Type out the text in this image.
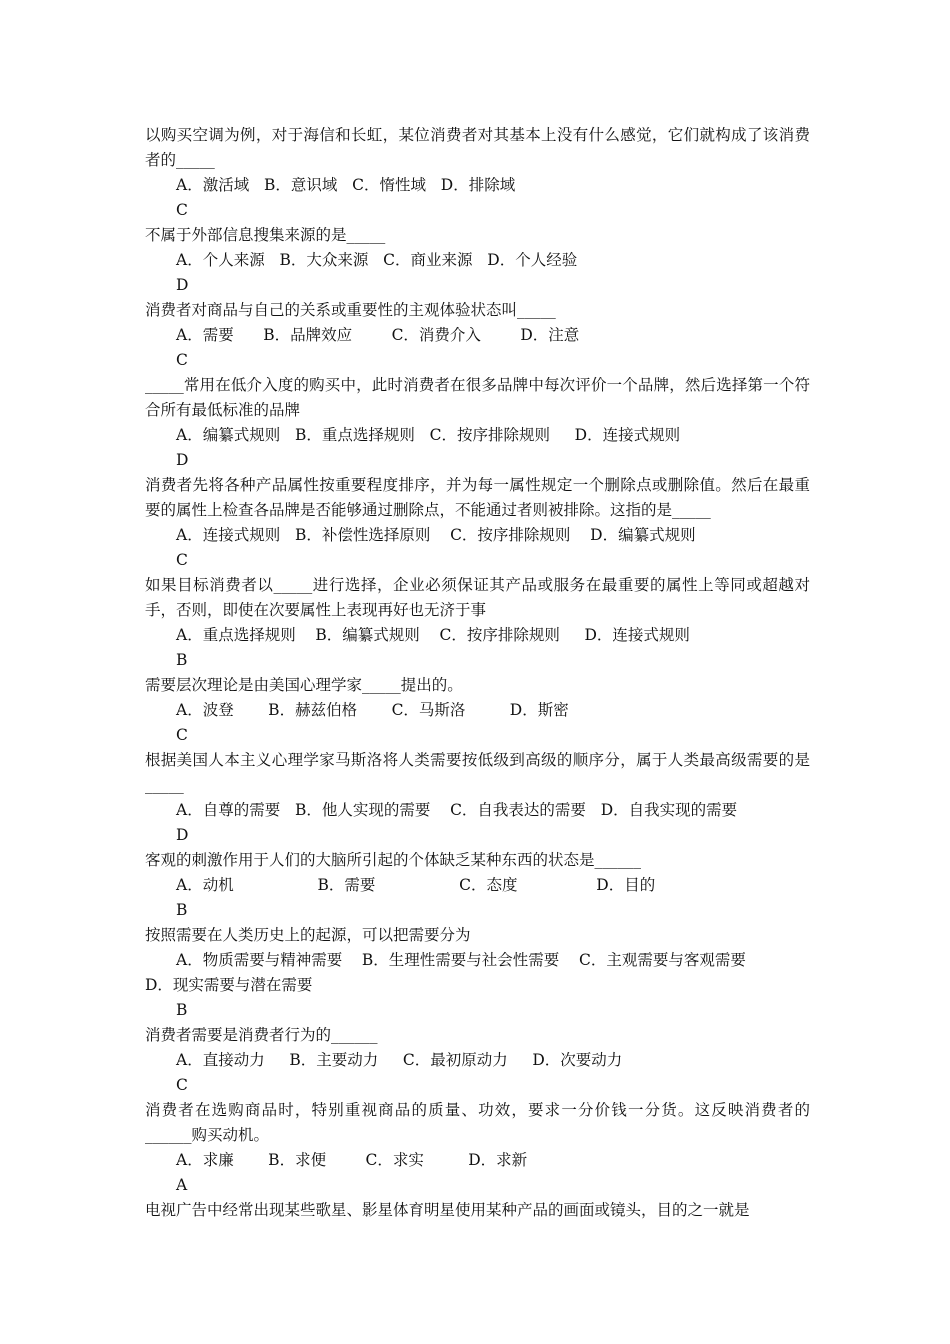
以购买空调为例，对于海信和长虹，某位消费者对其基本上没有什么感觉，它们就构成了该消费者的_____

A．激活域   B．意识域   C．惰性域   D．排除域

C

不属于外部信息搜集来源的是_____

A．个人来源   B．大众来源   C．商业来源   D．个人经验

D

消费者对商品与自己的关系或重要性的主观体验状态叫_____

A．需要      B．品牌效应        C．消费介入        D．注意

C

_____常用在低介入度的购买中，此时消费者在很多品牌中每次评价一个品牌，然后选择第一个符合所有最低标准的品牌

A．编纂式规则   B．重点选择规则   C．按序排除规则     D．连接式规则

D

消费者先将各种产品属性按重要程度排序，并为每一属性规定一个删除点或删除值。然后在最重要的属性上检查各品牌是否能够通过删除点，不能通过者则被排除。这指的是_____

A．连接式规则   B．补偿性选择原则    C．按序排除规则    D．编纂式规则

C

如果目标消费者以_____进行选择，企业必须保证其产品或服务在最重要的属性上等同或超越对手，否则，即使在次要属性上表现再好也无济于事

A．重点选择规则    B．编纂式规则    C．按序排除规则     D．连接式规则

B

需要层次理论是由美国心理学家_____提出的。

A．波登       B．赫兹伯格       C．马斯洛         D．斯密

C

根据美国人本主义心理学家马斯洛将人类需要按低级到高级的顺序分，属于人类最高级需要的是_____

A．自尊的需要   B．他人实现的需要    C．自我表达的需要   D．自我实现的需要

D

客观的刺激作用于人们的大脑所引起的个体缺乏某种东西的状态是______

A．动机                 B．需要                 C．态度                D．目的

B

按照需要在人类历史上的起源，可以把需要分为

A．物质需要与精神需要    B．生理性需要与社会性需要    C．主观需要与客观需要

D．现实需要与潜在需要

B

消费者需要是消费者行为的______

A．直接动力     B．主要动力     C．最初原动力     D．次要动力

C

消费者在选购商品时，特别重视商品的质量、功效，要求一分价钱一分货。这反映消费者的______购买动机。

A．求廉       B．求便        C．求实         D．求新

A

电视广告中经常出现某些歌星、影星体育明星使用某种产品的画面或镜头，目的之一就是
